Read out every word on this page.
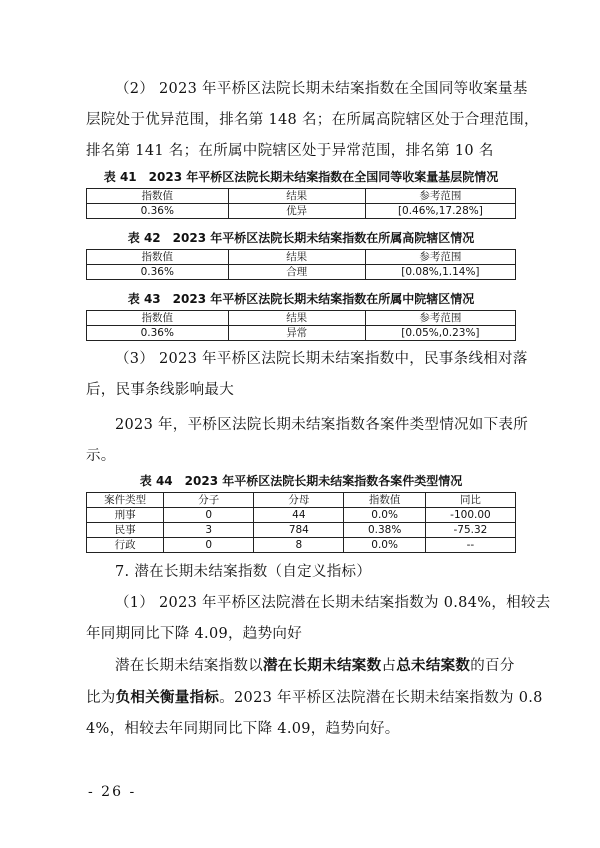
（2） 2023 年平桥区法院长期未结案指数在全国同等收案量基
层院处于优异范围，排名第 148 名；在所属高院辖区处于合理范围，
排名第 141 名；在所属中院辖区处于异常范围，排名第 10 名

表 41　2023 年平桥区法院长期未结案指数在全国同等收案量基层院情况

指数值	结果	参考范围
0.36%	优异	[0.46%,17.28%]

表 42　2023 年平桥区法院长期未结案指数在所属高院辖区情况

指数值	结果	参考范围
0.36%	合理	[0.08%,1.14%]

表 43　2023 年平桥区法院长期未结案指数在所属中院辖区情况

指数值	结果	参考范围
0.36%	异常	[0.05%,0.23%]
（3） 2023 年平桥区法院长期未结案指数中，民事条线相对落
后，民事条线影响最大
2023 年，平桥区法院长期未结案指数各案件类型情况如下表所
示。

表 44　2023 年平桥区法院长期未结案指数各案件类型情况

案件类型	分子	分母	指数值	同比
刑事	0	44	0.0%	-100.00
民事	3	784	0.38%	-75.32
行政	0	8	0.0%	--
7. 潜在长期未结案指数（自定义指标）
（1） 2023 年平桥区法院潜在长期未结案指数为 0.84%，相较去
年同期同比下降 4.09，趋势向好
潜在长期未结案指数以潜在长期未结案数占总未结案数的百分
比为负相关衡量指标。2023 年平桥区法院潜在长期未结案指数为 0.8
4%，相较去年同期同比下降 4.09，趋势向好。
- 26 -
